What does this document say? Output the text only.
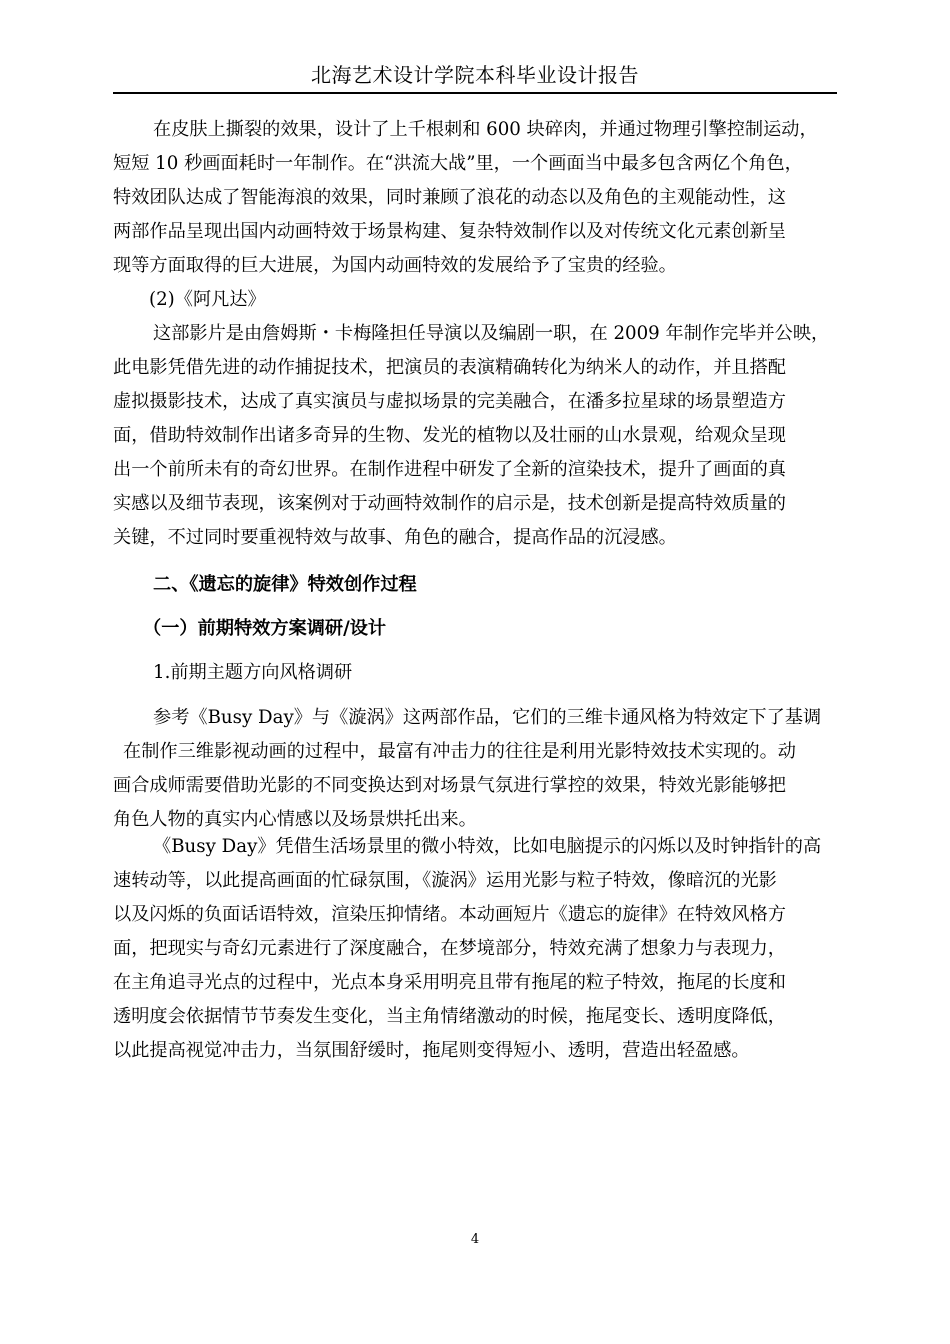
北海艺术设计学院本科毕业设计报告
在皮肤上撕裂的效果，设计了上千根刺和 600 块碎肉，并通过物理引擎控制运动，
短短 10 秒画面耗时一年制作。在“洪流大战”里，一个画面当中最多包含两亿个角色，
特效团队达成了智能海浪的效果，同时兼顾了浪花的动态以及角色的主观能动性，这
两部作品呈现出国内动画特效于场景构建、复杂特效制作以及对传统文化元素创新呈
现等方面取得的巨大进展，为国内动画特效的发展给予了宝贵的经验。
(2)《阿凡达》
这部影片是由詹姆斯・卡梅隆担任导演以及编剧一职，在 2009 年制作完毕并公映，
此电影凭借先进的动作捕捉技术，把演员的表演精确转化为纳米人的动作，并且搭配
虚拟摄影技术，达成了真实演员与虚拟场景的完美融合，在潘多拉星球的场景塑造方
面，借助特效制作出诸多奇异的生物、发光的植物以及壮丽的山水景观，给观众呈现
出一个前所未有的奇幻世界。在制作进程中研发了全新的渲染技术，提升了画面的真
实感以及细节表现，该案例对于动画特效制作的启示是，技术创新是提高特效质量的
关键，不过同时要重视特效与故事、角色的融合，提高作品的沉浸感。
二、《遗忘的旋律》特效创作过程
（一）前期特效方案调研/设计
1.前期主题方向风格调研
参考《Busy Day》与《漩涡》这两部作品，它们的三维卡通风格为特效定下了基调
在制作三维影视动画的过程中，最富有冲击力的往往是利用光影特效技术实现的。动
画合成师需要借助光影的不同变换达到对场景气氛进行掌控的效果，特效光影能够把
角色人物的真实内心情感以及场景烘托出来。
《Busy Day》凭借生活场景里的微小特效，比如电脑提示的闪烁以及时钟指针的高
速转动等，以此提高画面的忙碌氛围，《漩涡》运用光影与粒子特效，像暗沉的光影
以及闪烁的负面话语特效，渲染压抑情绪。本动画短片《遗忘的旋律》在特效风格方
面，把现实与奇幻元素进行了深度融合，在梦境部分，特效充满了想象力与表现力，
在主角追寻光点的过程中，光点本身采用明亮且带有拖尾的粒子特效，拖尾的长度和
透明度会依据情节节奏发生变化，当主角情绪激动的时候，拖尾变长、透明度降低，
以此提高视觉冲击力，当氛围舒缓时，拖尾则变得短小、透明，营造出轻盈感。
4
